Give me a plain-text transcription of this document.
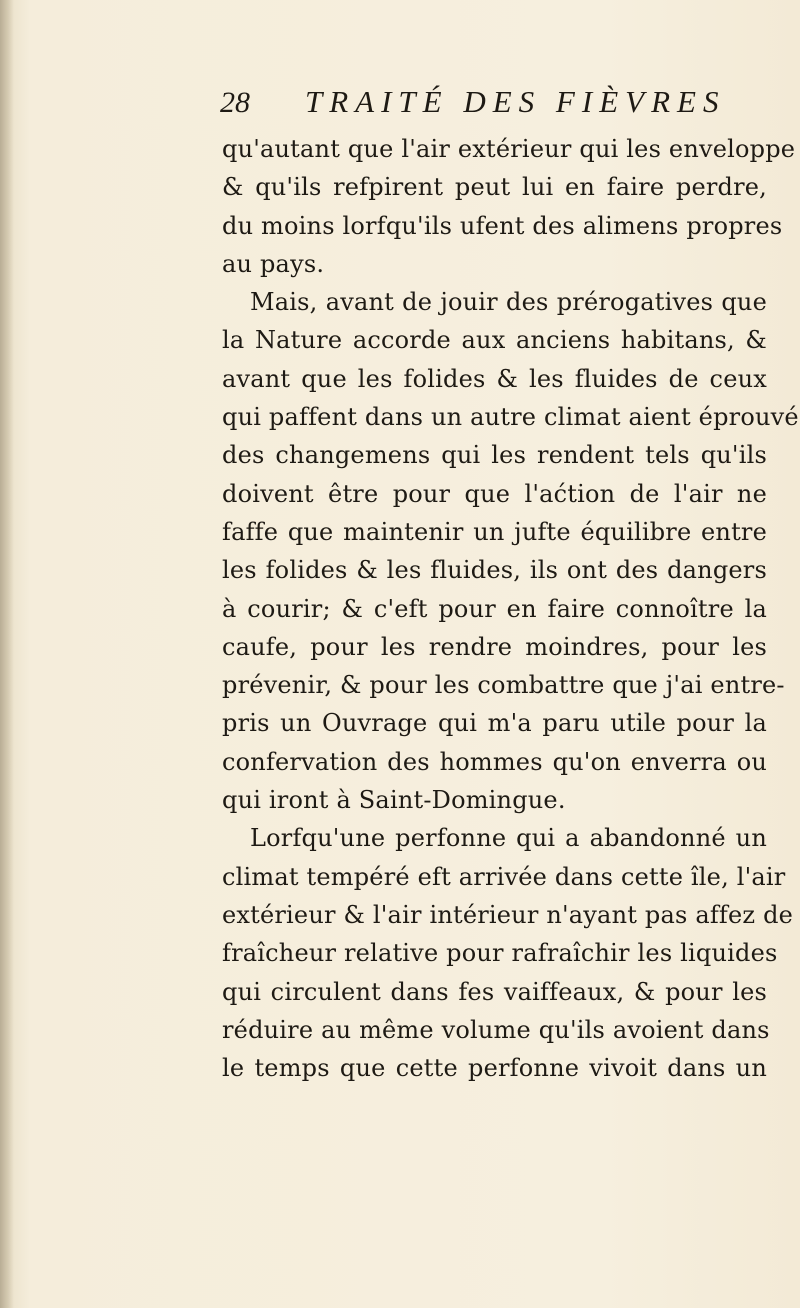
28 TRAITÉ DES FIÈVRES
qu'autant que l'air extérieur qui les enveloppe
& qu'ils refpirent peut lui en faire perdre,
du moins lorfqu'ils ufent des alimens propres
au pays.
Mais, avant de jouir des prérogatives que
la Nature accorde aux anciens habitans, &
avant que les folides & les fluides de ceux
qui paffent dans un autre climat aient éprouvé
des changemens qui les rendent tels qu'ils
doivent être pour que l'aćtion de l'air ne
faffe que maintenir un jufte équilibre entre
les folides & les fluides, ils ont des dangers
à courir; & c'eft pour en faire connoître la
caufe, pour les rendre moindres, pour les
prévenir, & pour les combattre que j'ai entre-
pris un Ouvrage qui m'a paru utile pour la
confervation des hommes qu'on enverra ou
qui iront à Saint-Domingue.
Lorfqu'une perfonne qui a abandonné un
climat tempéré eft arrivée dans cette île, l'air
extérieur & l'air intérieur n'ayant pas affez de
fraîcheur relative pour rafraîchir les liquides
qui circulent dans fes vaiffeaux, & pour les
réduire au même volume qu'ils avoient dans
le temps que cette perfonne vivoit dans un
